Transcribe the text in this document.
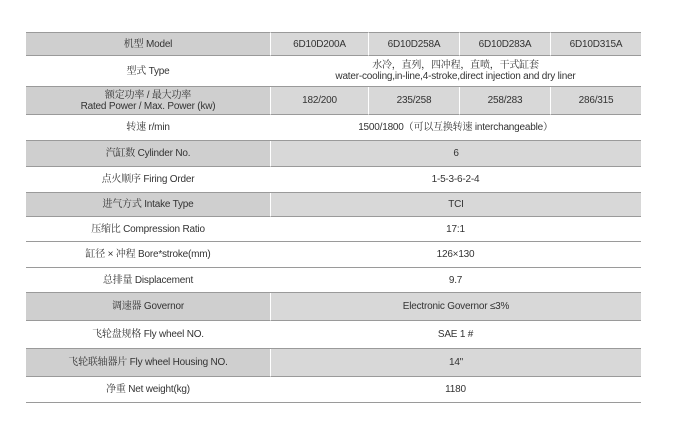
机型 Model	6D10D200A	6D10D258A	6D10D283A	6D10D315A
型式 Type	水冷，直列，四冲程，直喷，干式缸套
water-cooling,in-line,4-stroke,direct injection and dry liner			

额定功率 / 最大功率
Rated Power / Max. Power (kw)	182/200	235/258	258/283	286/315
转速 r/min	1500/1800（可以互换转速 interchangeable）			
汽缸数 Cylinder No.	6			
点火顺序 Firing Order	1-5-3-6-2-4			
进气方式 Intake Type	TCI			
压缩比 Compression Ratio	17:1			
缸径 × 冲程 Bore*stroke(mm)	126×130			
总排量 Displacement	9.7			
调速器 Governor	Electronic Governor ≤3%			
飞轮盘规格 Fly wheel NO.	SAE 1 #			
飞轮联轴器片 Fly wheel Housing NO.	14"			
净重 Net weight(kg)	1180			
